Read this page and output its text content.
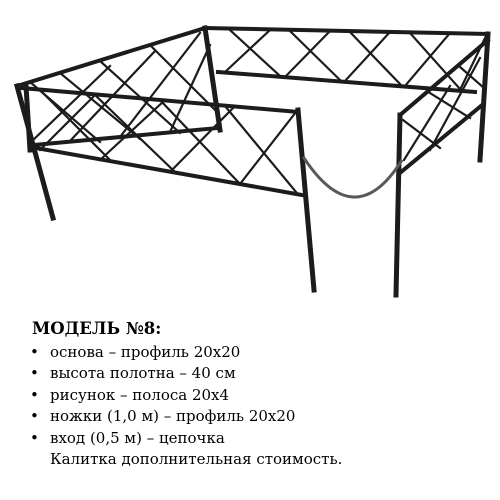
МОДЕЛЬ №8:
• основа – профиль 20х20
• высота полотна – 40 см
• рисунок – полоса 20х4
• ножки (1,0 м) – профиль 20х20
• вход (0,5 м) – цепочка
Калитка дополнительная стоимость.
